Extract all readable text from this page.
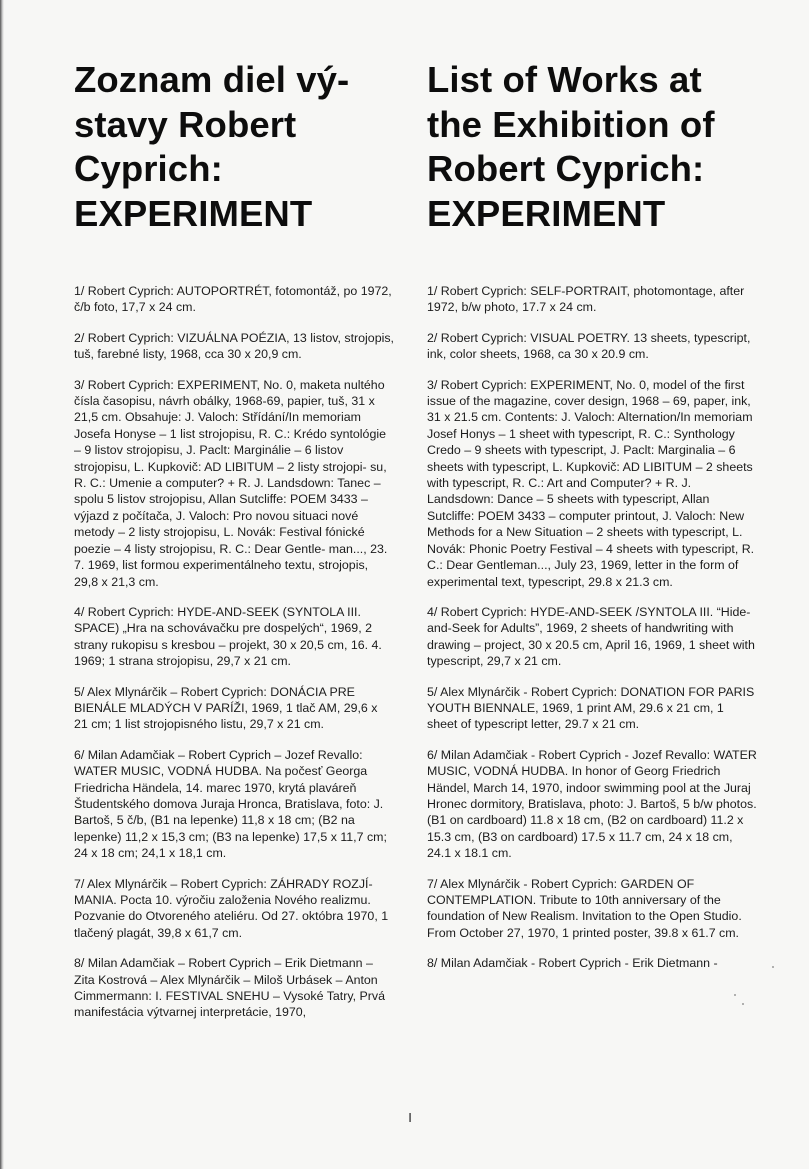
Zoznam diel vý- stavy Robert Cyprich: EXPERIMENT
1/ Robert Cyprich: AUTOPORTRÉT, fotomontáž, po 1972, č/b foto, 17,7 x 24 cm.
2/ Robert Cyprich: VIZUÁLNA POÉZIA, 13 listov, strojopis, tuš, farebné listy, 1968, cca 30 x 20,9 cm.
3/ Robert Cyprich: EXPERIMENT, No. 0, maketa nultého čísla časopisu, návrh obálky, 1968-69, papier, tuš, 31 x 21,5 cm. Obsahuje: J. Valoch: Střídání/In memoriam Josefa Honyse – 1 list strojopisu, R. C.: Krédo syntológie – 9 listov strojopisu, J. Paclt: Marginálie – 6 listov strojopisu, L. Kupkovič: AD LIBITUM – 2 listy strojopi- su, R. C.: Umenie a computer? + R. J. Landsdown: Tanec – spolu 5 listov strojopisu, Allan Sutcliffe: POEM 3433 – výjazd z počítača, J. Valoch: Pro novou situaci nové metody – 2 listy strojopisu, L. Novák: Festival fónické poezie – 4 listy strojopisu, R. C.: Dear Gentle- man..., 23. 7. 1969, list formou experimentálneho textu, strojopis, 29,8 x 21,3 cm.
4/ Robert Cyprich: HYDE-AND-SEEK (SYNTOLA III. SPACE) „Hra na schovávačku pre dospelých“, 1969, 2 strany rukopisu s kresbou – projekt, 30 x 20,5 cm, 16. 4. 1969; 1 strana strojopisu, 29,7 x 21 cm.
5/ Alex Mlynárčik – Robert Cyprich: DONÁCIA PRE BIENÁLE MLADÝCH V PARÍŽI, 1969, 1 tlač AM, 29,6 x 21 cm; 1 list strojopisného listu, 29,7 x 21 cm.
6/ Milan Adamčiak – Robert Cyprich – Jozef Revallo: WATER MUSIC, VODNÁ HUDBA. Na počesť Georga Friedricha Händela, 14. marec 1970, krytá plaváreň Študentského domova Juraja Hronca, Bratislava, foto: J. Bartoš, 5 č/b, (B1 na lepenke) 11,8 x 18 cm; (B2 na lepenke) 11,2 x 15,3 cm; (B3 na lepenke) 17,5 x 11,7 cm; 24 x 18 cm; 24,1 x 18,1 cm.
7/ Alex Mlynárčik – Robert Cyprich: ZÁHRADY ROZJÍ- MANIA. Pocta 10. výročiu založenia Nového realizmu. Pozvanie do Otvoreného ateliéru. Od 27. októbra 1970, 1 tlačený plagát, 39,8 x 61,7 cm.
8/ Milan Adamčiak – Robert Cyprich – Erik Dietmann – Zita Kostrová – Alex Mlynárčik – Miloš Urbásek – Anton Cimmermann: I. FESTIVAL SNEHU – Vysoké Tatry, Prvá manifestácia výtvarnej interpretácie, 1970,
List of Works at the Exhibition of Robert Cyprich: EXPERIMENT
1/ Robert Cyprich: SELF-PORTRAIT, photomontage, after 1972, b/w photo, 17.7 x 24 cm.
2/ Robert Cyprich: VISUAL POETRY. 13 sheets, typescript, ink, color sheets, 1968, ca 30 x 20.9 cm.
3/ Robert Cyprich: EXPERIMENT, No. 0, model of the first issue of the magazine, cover design, 1968 – 69, paper, ink, 31 x 21.5 cm. Contents: J. Valoch: Alternation/In memoriam Josef Honys – 1 sheet with typescript, R. C.: Synthology Credo – 9 sheets with typescript, J. Paclt: Marginalia – 6 sheets with typescript, L. Kupkovič: AD LIBITUM – 2 sheets with typescript, R. C.: Art and Computer? + R. J. Landsdown: Dance – 5 sheets with typescript, Allan Sutcliffe: POEM 3433 – computer printout, J. Valoch: New Methods for a New Situation – 2 sheets with typescript, L. Novák: Phonic Poetry Festival – 4 sheets with typescript, R. C.: Dear Gentleman..., July 23, 1969, letter in the form of experimental text, typescript, 29.8 x 21.3 cm.
4/ Robert Cyprich: HYDE-AND-SEEK /SYNTOLA III. “Hide-and-Seek for Adults”, 1969, 2 sheets of handwriting with drawing – project, 30 x 20.5 cm, April 16, 1969, 1 sheet with typescript, 29,7 x 21 cm.
5/ Alex Mlynárčik - Robert Cyprich: DONATION FOR PARIS YOUTH BIENNALE, 1969, 1 print AM, 29.6 x 21 cm, 1 sheet of typescript letter, 29.7 x 21 cm.
6/ Milan Adamčiak - Robert Cyprich - Jozef Revallo: WATER MUSIC, VODNÁ HUDBA. In honor of Georg Friedrich Händel, March 14, 1970, indoor swimming pool at the Juraj Hronec dormitory, Bratislava, photo: J. Bartoš, 5 b/w photos. (B1 on cardboard) 11.8 x 18 cm, (B2 on cardboard) 11.2 x 15.3 cm, (B3 on cardboard) 17.5 x 11.7 cm, 24 x 18 cm, 24.1 x 18.1 cm.
7/ Alex Mlynárčik - Robert Cyprich: GARDEN OF CONTEMPLATION. Tribute to 10th anniversary of the foundation of New Realism. Invitation to the Open Studio. From October 27, 1970, 1 printed poster, 39.8 x 61.7 cm.
8/ Milan Adamčiak - Robert Cyprich - Erik Dietmann -
I
